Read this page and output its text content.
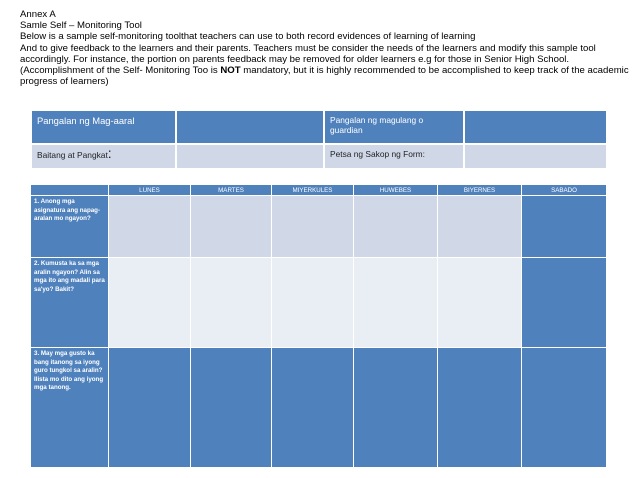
Annex A
Samle Self – Monitoring Tool
Below is a sample self-monitoring toolthat teachers can use to both record evidences of learning of learning
And to give feedback to the learners and their parents. Teachers must be consider the needs of the learners and modify this sample tool accordingly. For instance, the portion on parents feedback may be removed for older learners e.g for those in Senior High School.
(Accomplishment of the Self- Monitoring Too is NOT mandatory, but it is highly recommended to be accomplished to keep track of the academic progress of learners)
Pangalan ng Mag-aaral		Pangalan ng magulang o guardian	
Baitang at Pangkat:		Petsa ng Sakop ng Form:	
	LUNES	MARTES	MIYERKULES	HUWEBES	BIYERNES	SABADO
1. Anong mga asignatura ang napag-aralan mo ngayon?						
2. Kumusta ka sa mga aralin ngayon? Alin sa mga ito ang madali para sa'yo? Bakit?						
3. May mga gusto ka bang itanong sa iyong guro tungkol sa aralin? Ilista mo dito ang iyong mga tanong.						
